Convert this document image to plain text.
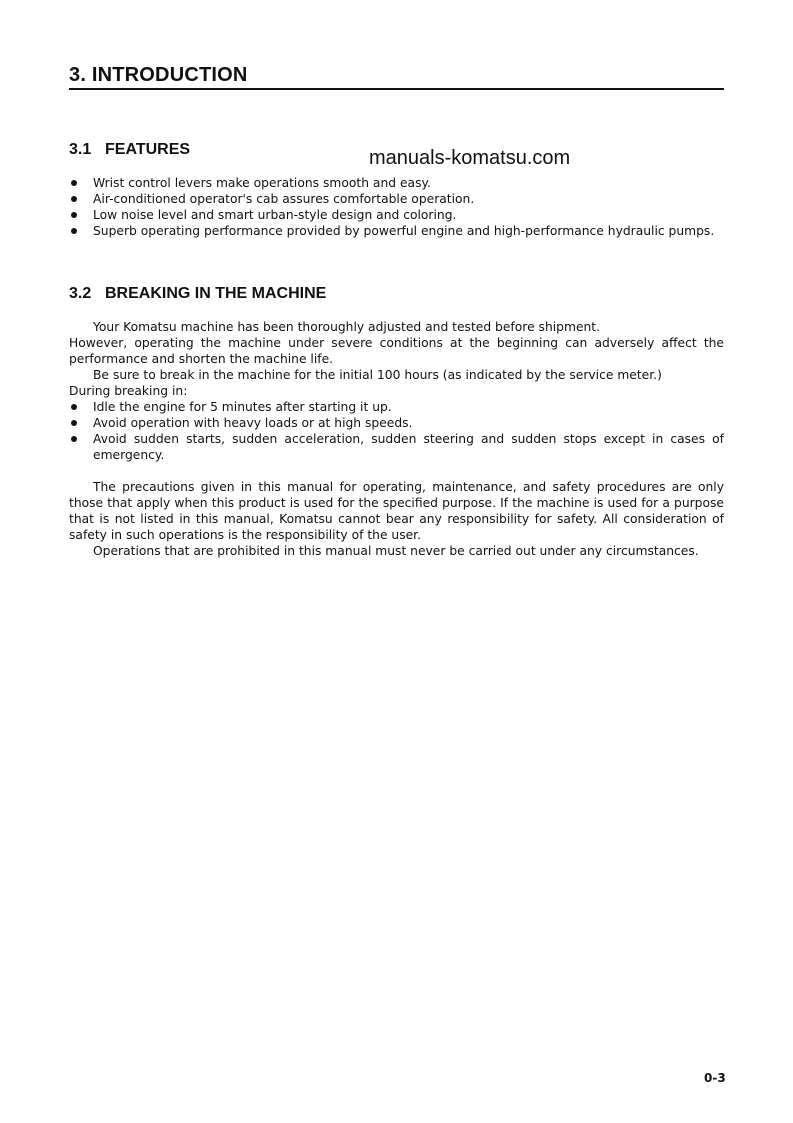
3. INTRODUCTION
manuals-komatsu.com
3.1 FEATURES
Wrist control levers make operations smooth and easy.
Air-conditioned operator's cab assures comfortable operation.
Low noise level and smart urban-style design and coloring.
Superb operating performance provided by powerful engine and high-performance hydraulic pumps.
3.2 BREAKING IN THE MACHINE

Your Komatsu machine has been thoroughly adjusted and tested before shipment.

However, operating the machine under severe conditions at the beginning can adversely affect the performance and shorten the machine life.

Be sure to break in the machine for the initial 100 hours (as indicated by the service meter.)

During breaking in:

Idle the engine for 5 minutes after starting it up.
Avoid operation with heavy loads or at high speeds.
Avoid sudden starts, sudden acceleration, sudden steering and sudden stops except in cases of emergency.

The precautions given in this manual for operating, maintenance, and safety procedures are only those that apply when this product is used for the specified purpose. If the machine is used for a purpose that is not listed in this manual, Komatsu cannot bear any responsibility for safety. All consideration of safety in such operations is the responsibility of the user.

Operations that are prohibited in this manual must never be carried out under any circumstances.

0-3
